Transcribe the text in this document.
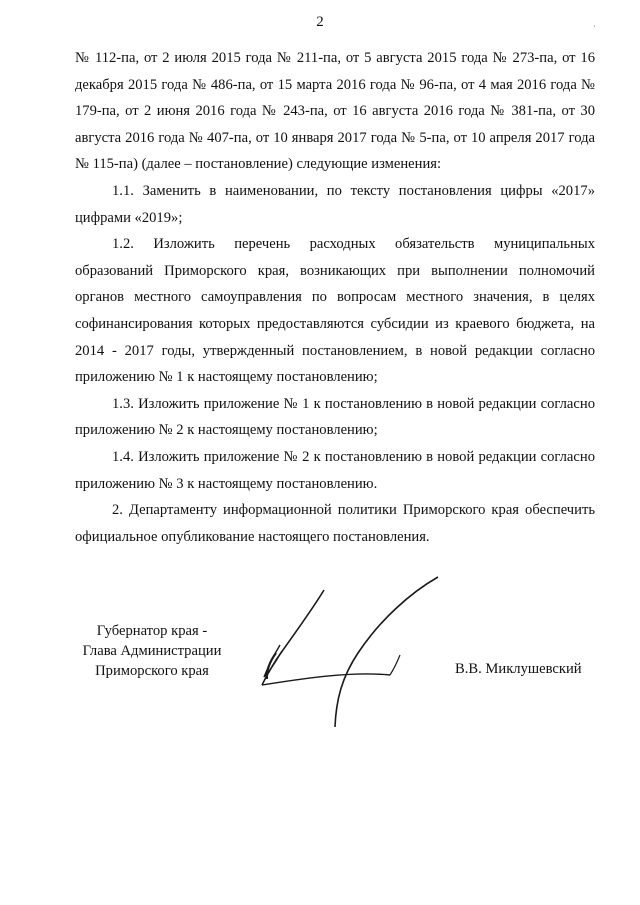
2	·

№ 112-па, от 2 июля 2015 года № 211-па, от 5 августа 2015 года № 273-па, от 16 декабря 2015 года № 486-па, от 15 марта 2016 года № 96-па, от 4 мая 2016 года № 179-па, от 2 июня 2016 года № 243-па, от 16 августа 2016 года № 381-па, от 30 августа 2016 года № 407-па, от 10 января 2017 года № 5-па, от 10 апреля 2017 года № 115-па) (далее – постановление) следующие изменения:

1.1. Заменить в наименовании, по тексту постановления цифры «2017» цифрами «2019»;

1.2. Изложить перечень расходных обязательств муниципальных образований Приморского края, возникающих при выполнении полномочий органов местного самоуправления по вопросам местного значения, в целях софинансирования которых предоставляются субсидии из краевого бюджета, на 2014 - 2017 годы, утвержденный постановлением, в новой редакции согласно приложению № 1 к настоящему постановлению;

1.3. Изложить приложение № 1 к постановлению в новой редакции согласно приложению № 2 к настоящему постановлению;

1.4. Изложить приложение № 2 к постановлению в новой редакции согласно приложению № 3 к настоящему постановлению.

2. Департаменту информационной политики Приморского края обеспечить официальное опубликование настоящего постановления.

Губернатор края -
Глава Администрации
Приморского края	В.В. Миклушевский
